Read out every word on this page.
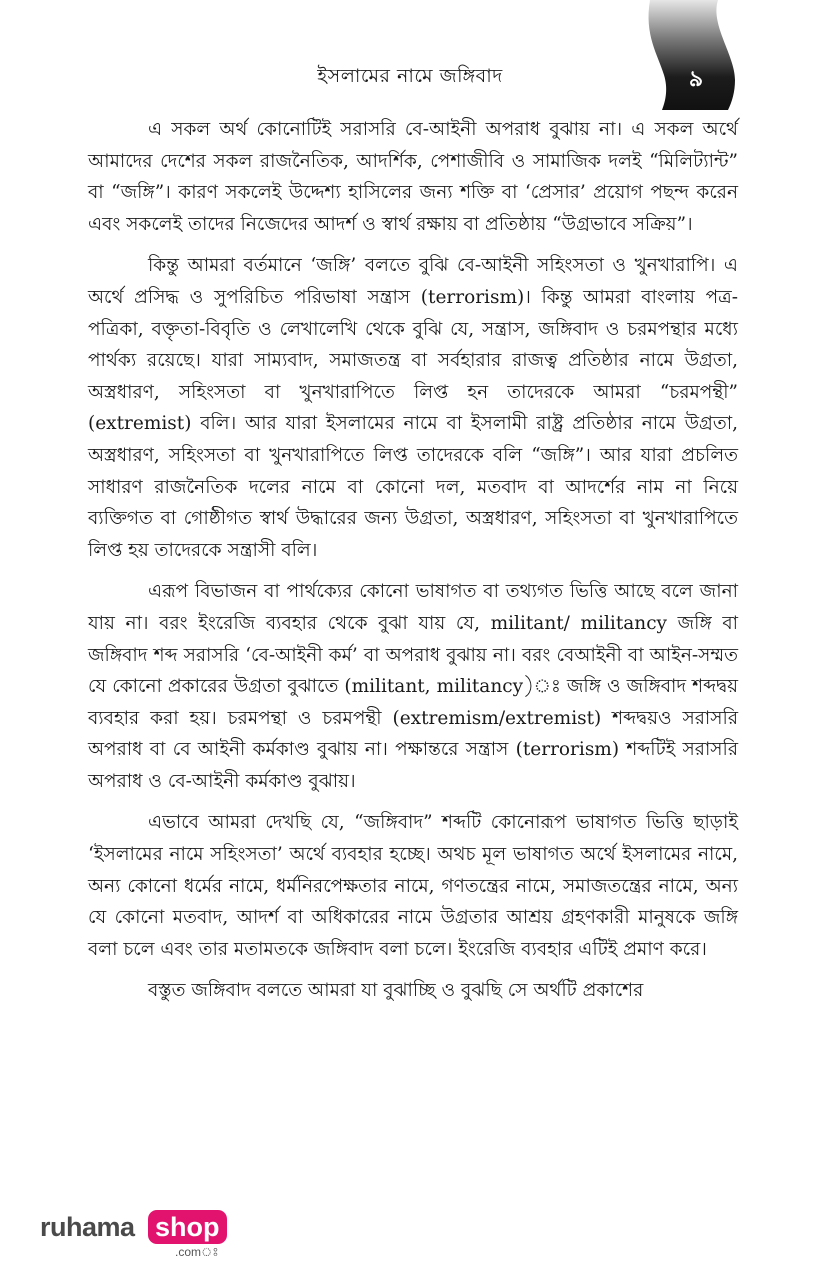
ইসলামের নামে জঙ্গিবাদ	৯

এ সকল অর্থ কোনোটিই সরাসরি বে-আইনী অপরাধ বুঝায় না। এ সকল অর্থে আমাদের দেশের সকল রাজনৈতিক, আদর্শিক, পেশাজীবি ও সামাজিক দলই “মিলিট্যান্ট” বা “জঙ্গি”। কারণ সকলেই উদ্দেশ্য হাসিলের জন্য শক্তি বা ‘প্রেসার’ প্রয়োগ পছন্দ করেন এবং সকলেই তাদের নিজেদের আদর্শ ও স্বার্থ রক্ষায় বা প্রতিষ্ঠায় “উগ্রভাবে সক্রিয়”।

কিন্তু আমরা বর্তমানে ‘জঙ্গি’ বলতে বুঝি বে-আইনী সহিংসতা ও খুনখারাপি। এ অর্থে প্রসিদ্ধ ও সুপরিচিত পরিভাষা সন্ত্রাস (terrorism)। কিন্তু আমরা বাংলায় পত্র-পত্রিকা, বক্তৃতা-বিবৃতি ও লেখালেখি থেকে বুঝি যে, সন্ত্রাস, জঙ্গিবাদ ও চরমপন্থার মধ্যে পার্থক্য রয়েছে। যারা সাম্যবাদ, সমাজতন্ত্র বা সর্বহারার রাজত্ব প্রতিষ্ঠার নামে উগ্রতা, অস্ত্রধারণ, সহিংসতা বা খুনখারাপিতে লিপ্ত হন তাদেরকে আমরা “চরমপন্থী” (extremist) বলি। আর যারা ইসলামের নামে বা ইসলামী রাষ্ট্র প্রতিষ্ঠার নামে উগ্রতা, অস্ত্রধারণ, সহিংসতা বা খুনখারাপিতে লিপ্ত তাদেরকে বলি “জঙ্গি”। আর যারা প্রচলিত সাধারণ রাজনৈতিক দলের নামে বা কোনো দল, মতবাদ বা আদর্শের নাম না নিয়ে ব্যক্তিগত বা গোষ্ঠীগত স্বার্থ উদ্ধারের জন্য উগ্রতা, অস্ত্রধারণ, সহিংসতা বা খুনখারাপিতে লিপ্ত হয় তাদেরকে সন্ত্রাসী বলি।

এরূপ বিভাজন বা পার্থক্যের কোনো ভাষাগত বা তথ্যগত ভিত্তি আছে বলে জানা যায় না। বরং ইংরেজি ব্যবহার থেকে বুঝা যায় যে, militant/ militancy জঙ্গি বা জঙ্গিবাদ শব্দ সরাসরি ‘বে-আইনী কর্ম’ বা অপরাধ বুঝায় না। বরং বেআইনী বা আইন-সম্মত যে কোনো প্রকারের উগ্রতা বুঝাতে (militant, militancy)ঃ জঙ্গি ও জঙ্গিবাদ শব্দদ্বয় ব্যবহার করা হয়। চরমপন্থা ও চরমপন্থী (extremism/extremist) শব্দদ্বয়ও সরাসরি অপরাধ বা বে আইনী কর্মকাণ্ড বুঝায় না। পক্ষান্তরে সন্ত্রাস (terrorism) শব্দটিই সরাসরি অপরাধ ও বে-আইনী কর্মকাণ্ড বুঝায়।

এভাবে আমরা দেখছি যে, “জঙ্গিবাদ” শব্দটি কোনোরূপ ভাষাগত ভিত্তি ছাড়াই ‘ইসলামের নামে সহিংসতা’ অর্থে ব্যবহার হচ্ছে। অথচ মূল ভাষাগত অর্থে ইসলামের নামে, অন্য কোনো ধর্মের নামে, ধর্মনিরপেক্ষতার নামে, গণতন্ত্রের নামে, সমাজতন্ত্রের নামে, অন্য যে কোনো মতবাদ, আদর্শ বা অধিকারের নামে উগ্রতার আশ্রয় গ্রহণকারী মানুষকে জঙ্গি বলা চলে এবং তার মতামতকে জঙ্গিবাদ বলা চলে। ইংরেজি ব্যবহার এটিই প্রমাণ করে।

বস্তুত জঙ্গিবাদ বলতে আমরা যা বুঝাচ্ছি ও বুঝছি সে অর্থটি প্রকাশের

ruhama shop
.comঃ
